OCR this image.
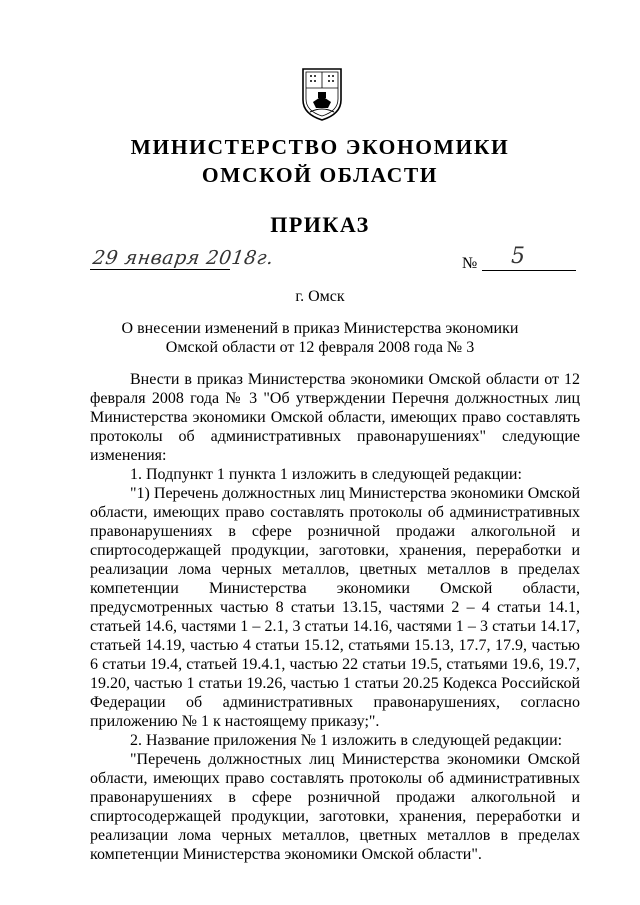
МИНИСТЕРСТВО ЭКОНОМИКИ
ОМСКОЙ ОБЛАСТИ
ПРИКАЗ
29 января 2018г.	№ 5
г. Омск
О внесении изменений в приказ Министерства экономики
Омской области от 12 февраля 2008 года № 3

Внести в приказ Министерства экономики Омской области от 12 февраля 2008 года № 3 "Об утверждении Перечня должностных лиц Министерства экономики Омской области, имеющих право составлять протоколы об административных правонарушениях" следующие изменения:

1. Подпункт 1 пункта 1 изложить в следующей редакции:

"1) Перечень должностных лиц Министерства экономики Омской области, имеющих право составлять протоколы об административных правонарушениях в сфере розничной продажи алкогольной и спиртосодержащей продукции, заготовки, хранения, переработки и реализации лома черных металлов, цветных металлов в пределах компетенции Министерства экономики Омской области, предусмотренных частью 8 статьи 13.15, частями 2 – 4 статьи 14.1, статьей 14.6, частями 1 – 2.1, 3 статьи 14.16, частями 1 – 3 статьи 14.17, статьей 14.19, частью 4 статьи 15.12, статьями 15.13, 17.7, 17.9, частью 6 статьи 19.4, статьей 19.4.1, частью 22 статьи 19.5, статьями 19.6, 19.7, 19.20, частью 1 статьи 19.26, частью 1 статьи 20.25 Кодекса Российской Федерации об административных правонарушениях, согласно приложению № 1 к настоящему приказу;".

2. Название приложения № 1 изложить в следующей редакции:

"Перечень должностных лиц Министерства экономики Омской области, имеющих право составлять протоколы об административных правонарушениях в сфере розничной продажи алкогольной и спиртосодержащей продукции, заготовки, хранения, переработки и реализации лома черных металлов, цветных металлов в пределах компетенции Министерства экономики Омской области".
